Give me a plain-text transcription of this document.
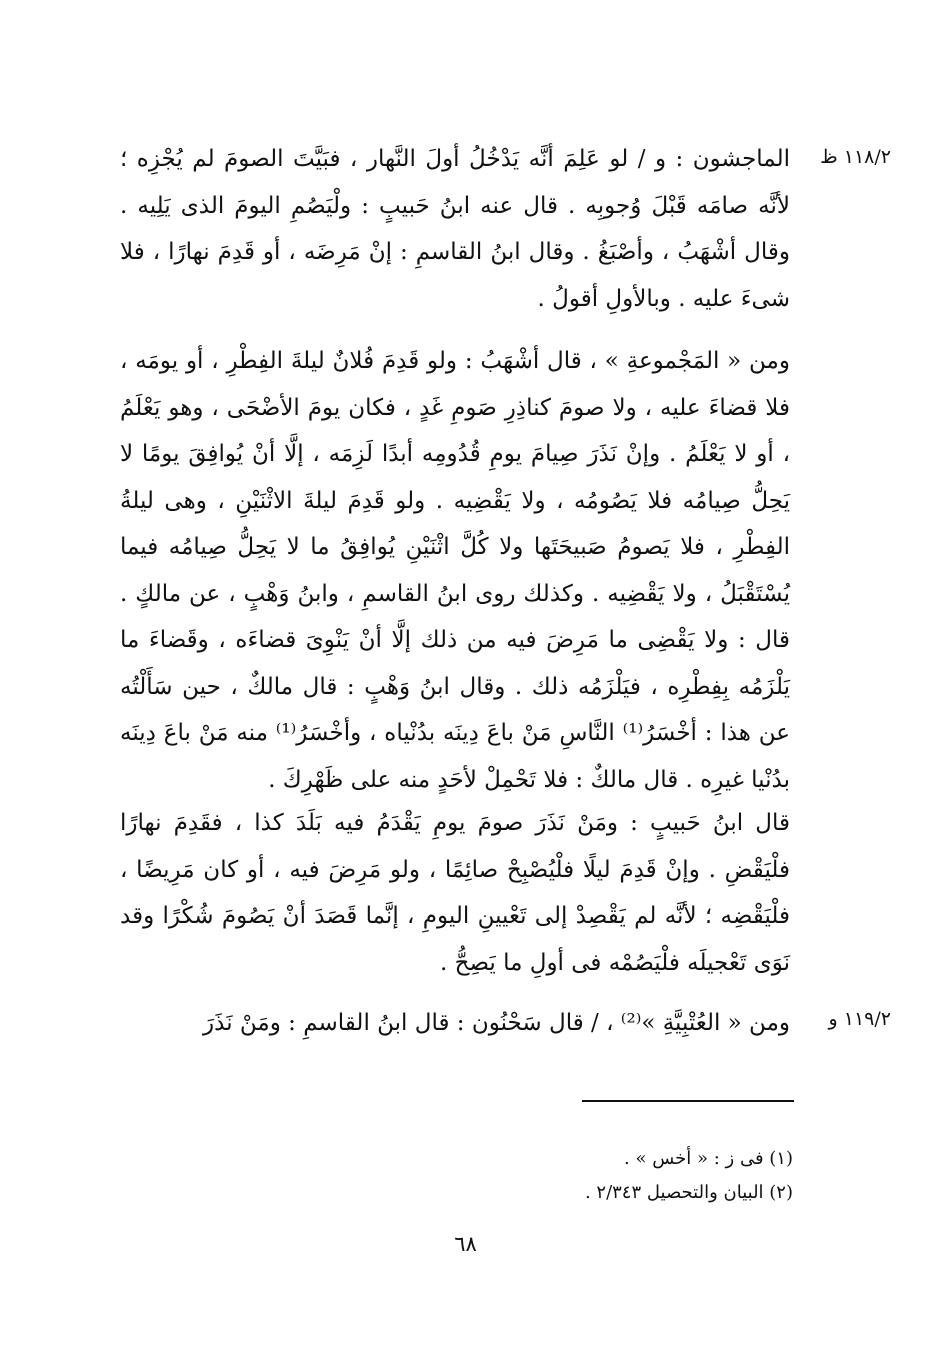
١١٨/٢ ظ

الماجشون : و / لو عَلِمَ أنَّه يَدْخُلُ أولَ النَّهار ، فبَيَّتَ الصومَ لم يُجْزِه ؛ لأنَّه صامَه قَبْلَ وُجوبِه . قال عنه ابنُ حَبيبٍ : ولْيَصُمِ اليومَ الذى يَلِيه . وقال أشْهَبُ ، وأصْبَغُ . وقال ابنُ القاسمِ : إنْ مَرِضَه ، أو قَدِمَ نهارًا ، فلا شىءَ عليه . وبالأولِ أقولُ .

ومن « المَجْموعةِ » ، قال أشْهَبُ : ولو قَدِمَ فُلانٌ ليلةَ الفِطْرِ ، أو يومَه ، فلا قضاءَ عليه ، ولا صومَ كناذِرِ صَومِ غَدٍ ، فكان يومَ الأضْحَى ، وهو يَعْلَمُ ، أو لا يَعْلَمُ . وإنْ نَذَرَ صِيامَ يومِ قُدُومِه أبدًا لَزِمَه ، إلَّا أنْ يُوافِقَ يومًا لا يَحِلُّ صِيامُه فلا يَصُومُه ، ولا يَقْضِيه . ولو قَدِمَ ليلةَ الاثْنَيْنِ ، وهى ليلةُ الفِطْرِ ، فلا يَصومُ صَبيحَتَها ولا كُلَّ اثْنَيْنِ يُوافِقُ ما لا يَحِلُّ صِيامُه فيما يُسْتَقْبَلُ ، ولا يَقْضِيه . وكذلك روى ابنُ القاسمِ ، وابنُ وَهْبٍ ، عن مالكٍ . قال : ولا يَقْضِى ما مَرِضَ فيه من ذلك إلَّا أنْ يَنْوِىَ قضاءَه ، وقَضاءَ ما يَلْزَمُه بِفِطْرِه ، فيَلْزَمُه ذلك . وقال ابنُ وَهْبٍ : قال مالكٌ ، حين سَأَلْتُه عن هذا : أخْسَرُ⁽¹⁾ النَّاسِ مَنْ باعَ دِينَه بدُنْياه ، وأخْسَرُ⁽¹⁾ منه مَنْ باعَ دِينَه بدُنْيا غيرِه . قال مالكٌ : فلا تَحْمِلْ لأحَدٍ منه على ظَهْرِكَ .

قال ابنُ حَبيبٍ : ومَنْ نَذَرَ صومَ يومِ يَقْدَمُ فيه بَلَدَ كذا ، فقَدِمَ نهارًا فلْيَقْضِ . وإنْ قَدِمَ ليلًا فلْيُصْبِحْ صائِمًا ، ولو مَرِضَ فيه ، أو كان مَرِيضًا ، فلْيَقْضِه ؛ لأنَّه لم يَقْصِدْ إلى تَعْيينِ اليومِ ، إنَّما قَصَدَ أنْ يَصُومَ شُكْرًا وقد نَوَى تَعْجيلَه فلْيَصُمْه فى أولِ ما يَصِحُّ .

١١٩/٢ و

ومن « العُتْبِيَّةِ »⁽²⁾ ، / قال سَحْنُون : قال ابنُ القاسمِ : ومَنْ نَذَرَ

(١) فى ز : « أخس » .

(٢) البيان والتحصيل ٢/٣٤٣ .

٦٨
